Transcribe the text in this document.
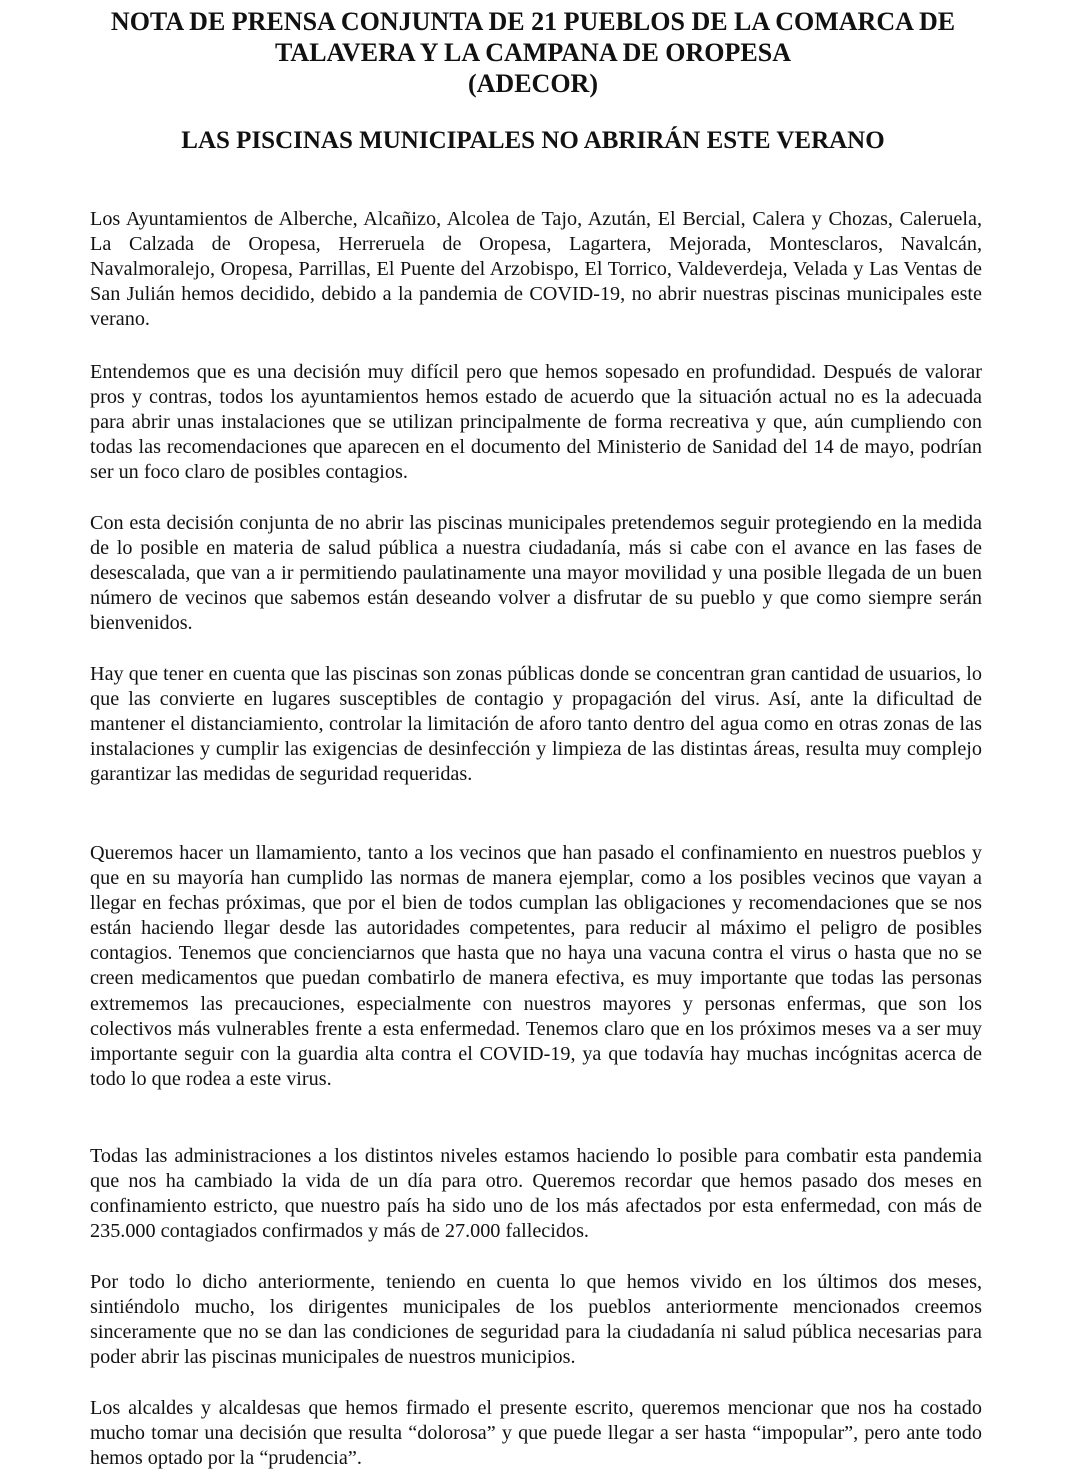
NOTA DE PRENSA CONJUNTA DE 21 PUEBLOS DE LA COMARCA DE
TALAVERA Y LA CAMPANA DE OROPESA
(ADECOR)
LAS PISCINAS MUNICIPALES NO ABRIRÁN ESTE VERANO

Los Ayuntamientos de Alberche, Alcañizo, Alcolea de Tajo, Azután, El Bercial, Calera y Chozas, Caleruela, La Calzada de Oropesa, Herreruela de Oropesa, Lagartera, Mejorada, Montesclaros, Navalcán, Navalmoralejo, Oropesa, Parrillas, El Puente del Arzobispo, El Torrico, Valdeverdeja, Velada y Las Ventas de San Julián hemos decidido, debido a la pandemia de COVID-19, no abrir nuestras piscinas municipales este verano.

Entendemos que es una decisión muy difícil pero que hemos sopesado en profundidad. Después de valorar pros y contras, todos los ayuntamientos hemos estado de acuerdo que la situación actual no es la adecuada para abrir unas instalaciones que se utilizan principalmente de forma recreativa y que, aún cumpliendo con todas las recomendaciones que aparecen en el documento del Ministerio de Sanidad del 14 de mayo, podrían ser un foco claro de posibles contagios.

Con esta decisión conjunta de no abrir las piscinas municipales pretendemos seguir protegiendo en la medida de lo posible en materia de salud pública a nuestra ciudadanía, más si cabe con el avance en las fases de desescalada, que van a ir permitiendo paulatinamente una mayor movilidad y una posible llegada de un buen número de vecinos que sabemos están deseando volver a disfrutar de su pueblo y que como siempre serán bienvenidos.

Hay que tener en cuenta que las piscinas son zonas públicas donde se concentran gran cantidad de usuarios, lo que las convierte en lugares susceptibles de contagio y propagación del virus. Así, ante la dificultad de mantener el distanciamiento, controlar la limitación de aforo tanto dentro del agua como en otras zonas de las instalaciones y cumplir las exigencias de desinfección y limpieza de las distintas áreas, resulta muy complejo garantizar las medidas de seguridad requeridas.

Queremos hacer un llamamiento, tanto a los vecinos que han pasado el confinamiento en nuestros pueblos y que en su mayoría han cumplido las normas de manera ejemplar, como a los posibles vecinos que vayan a llegar en fechas próximas, que por el bien de todos cumplan las obligaciones y recomendaciones que se nos están haciendo llegar desde las autoridades competentes, para reducir al máximo el peligro de posibles contagios. Tenemos que concienciarnos que hasta que no haya una vacuna contra el virus o hasta que no se creen medicamentos que puedan combatirlo de manera efectiva, es muy importante que todas las personas extrememos las precauciones, especialmente con nuestros mayores y personas enfermas, que son los colectivos más vulnerables frente a esta enfermedad. Tenemos claro que en los próximos meses va a ser muy importante seguir con la guardia alta contra el COVID-19, ya que todavía hay muchas incógnitas acerca de todo lo que rodea a este virus.

Todas las administraciones a los distintos niveles estamos haciendo lo posible para combatir esta pandemia que nos ha cambiado la vida de un día para otro. Queremos recordar que hemos pasado dos meses en confinamiento estricto, que nuestro país ha sido uno de los más afectados por esta enfermedad, con más de 235.000 contagiados confirmados y más de 27.000 fallecidos.

Por todo lo dicho anteriormente, teniendo en cuenta lo que hemos vivido en los últimos dos meses, sintiéndolo mucho, los dirigentes municipales de los pueblos anteriormente mencionados creemos sinceramente que no se dan las condiciones de seguridad para la ciudadanía ni salud pública necesarias para poder abrir las piscinas municipales de nuestros municipios.

Los alcaldes y alcaldesas que hemos firmado el presente escrito, queremos mencionar que nos ha costado mucho tomar una decisión que resulta “dolorosa” y que puede llegar a ser hasta “impopular”, pero ante todo hemos optado por la “prudencia”.
